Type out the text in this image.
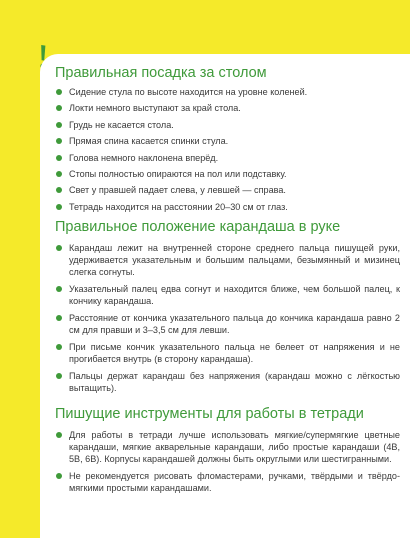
Правильная посадка за столом
Сидение стула по высоте находится на уровне коленей.
Локти немного выступают за край стола.
Грудь не касается стола.
Прямая спина касается спинки стула.
Голова немного наклонена вперёд.
Стопы полностью опираются на пол или подставку.
Свет у правшей падает слева, у левшей — справа.
Тетрадь находится на расстоянии 20–30 см от глаз.
Правильное положение карандаша в руке
Карандаш лежит на внутренней стороне среднего пальца пишущей руки, удерживается указательным и большим пальцами, безымянный и мизинец слегка согнуты.
Указательный палец едва согнут и находится ближе, чем большой палец, к кончику карандаша.
Расстояние от кончика указательного пальца до кончика карандаша равно 2 см для правши и 3–3,5 см для левши.
При письме кончик указательного пальца не белеет от напряжения и не прогибается внутрь (в сторону карандаша).
Пальцы держат карандаш без напряжения (карандаш можно с лёгкостью вытащить).
Пишущие инструменты для работы в тетради
Для работы в тетради лучше использовать мягкие/супермягкие цветные карандаши, мягкие акварельные карандаши, либо простые карандаши (4B, 5B, 6B). Корпусы карандашей должны быть округлыми или шестигранными.
Не рекомендуется рисовать фломастерами, ручками, твёрдыми и твёрдо-мягкими простыми карандашами.
